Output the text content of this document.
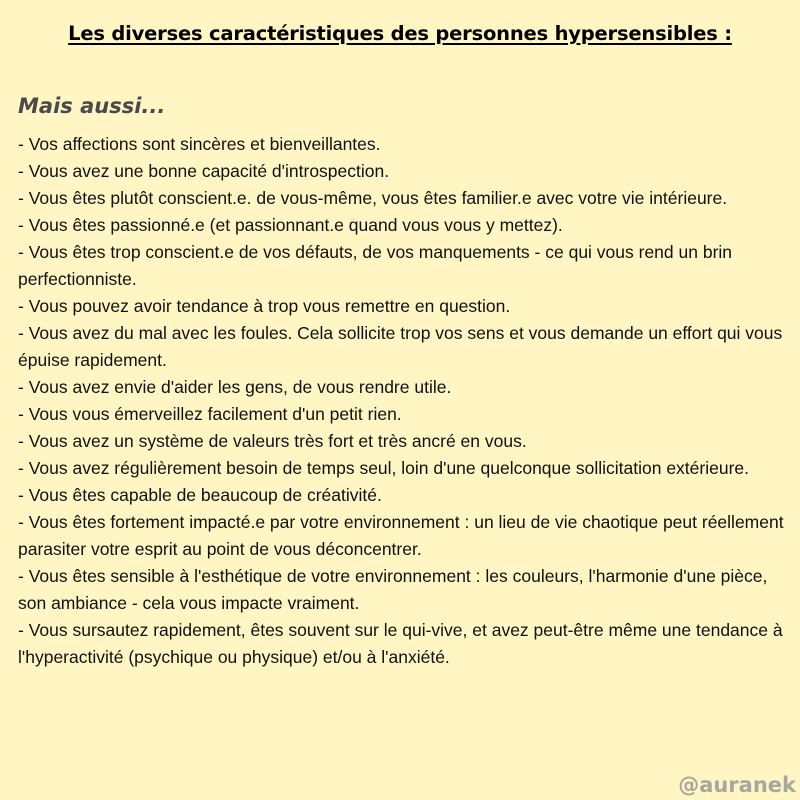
Les diverses caractéristiques des personnes hypersensibles :
Mais aussi...
- Vos affections sont sincères et bienveillantes.
- Vous avez une bonne capacité d'introspection.
- Vous êtes plutôt conscient.e. de vous-même, vous êtes familier.e avec votre vie intérieure.
- Vous êtes passionné.e (et passionnant.e quand vous vous y mettez).
- Vous êtes trop conscient.e de vos défauts, de vos manquements - ce qui vous rend un brin perfectionniste.
- Vous pouvez avoir tendance à trop vous remettre en question.
- Vous avez du mal avec les foules. Cela sollicite trop vos sens et vous demande un effort qui vous épuise rapidement.
- Vous avez envie d'aider les gens, de vous rendre utile.
- Vous vous émerveillez facilement d'un petit rien.
- Vous avez un système de valeurs très fort et très ancré en vous.
- Vous avez régulièrement besoin de temps seul, loin d'une quelconque sollicitation extérieure.
- Vous êtes capable de beaucoup de créativité.
- Vous êtes fortement impacté.e par votre environnement : un lieu de vie chaotique peut réellement parasiter votre esprit au point de vous déconcentrer.
- Vous êtes sensible à l'esthétique de votre environnement : les couleurs, l'harmonie d'une pièce, son ambiance - cela vous impacte vraiment.
- Vous sursautez rapidement, êtes souvent sur le qui-vive, et avez peut-être même une tendance à l'hyperactivité (psychique ou physique) et/ou à l'anxiété.
@auranek
